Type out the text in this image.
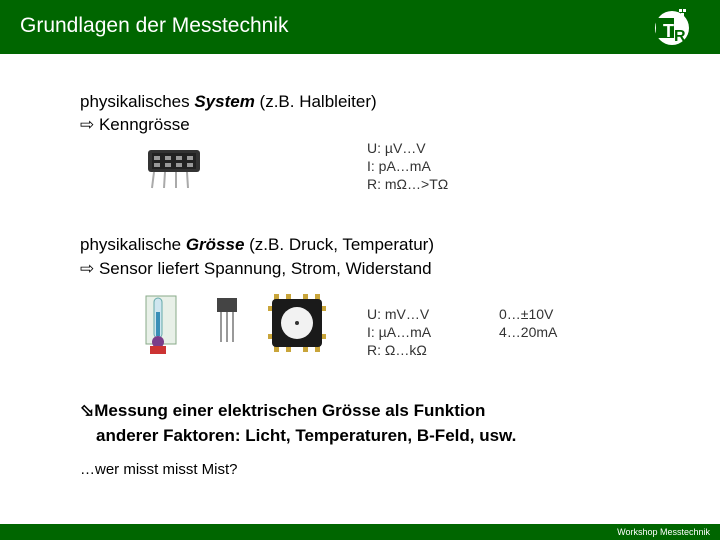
Grundlagen der Messtechnik	T R
physikalisches System (z.B. Halbleiter)
⇨ Kenngrösse
U: µV…V
I: pA…mA
R: mΩ…>TΩ
physikalische Grösse (z.B. Druck, Temperatur)
⇨ Sensor liefert Spannung, Strom, Widerstand
U: mV…V
I: µA…mA
R: Ω…kΩ
0…±10V
4…20mA
⬂Messung einer elektrischen Grösse als Funktion
anderer Faktoren: Licht, Temperaturen, B-Feld, usw.
…wer misst misst Mist?
Workshop Messtechnik
